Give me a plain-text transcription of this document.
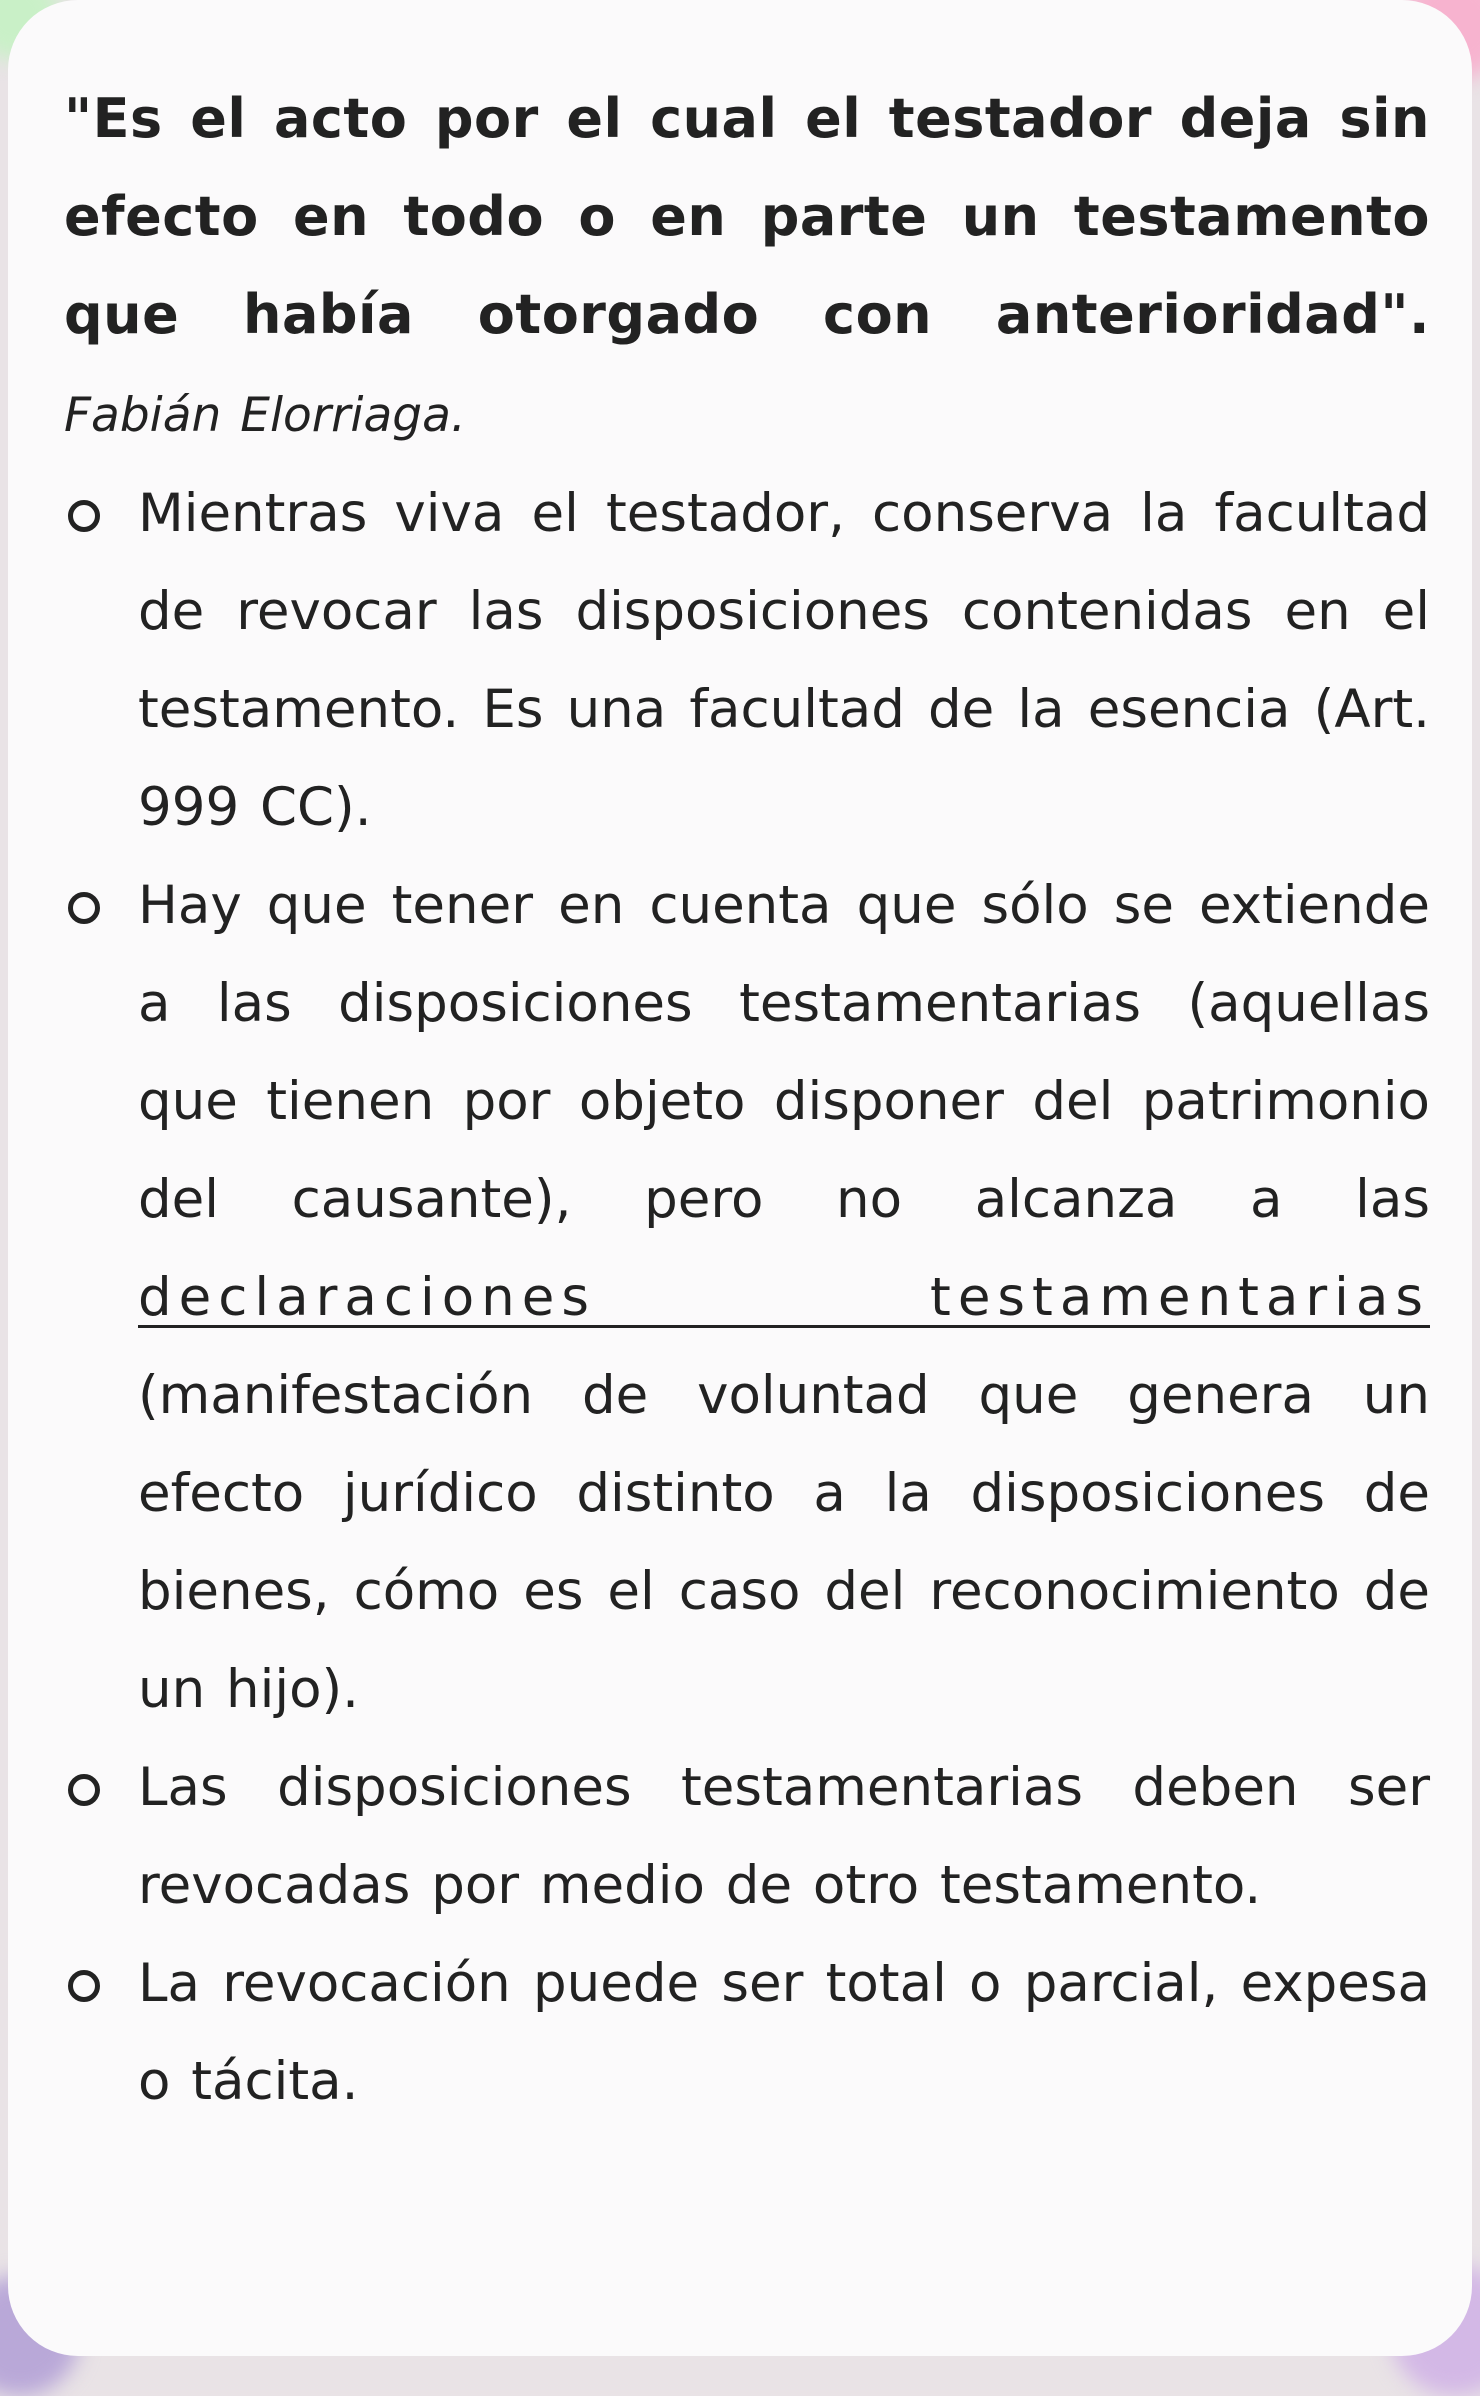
"Es el acto por el cual el testador deja sin efecto en todo o en parte un testamento que había otorgado con anterioridad". Fabián Elorriaga.

Mientras viva el testador, conserva la facultad de revocar las disposiciones contenidas en el testamento. Es una facultad de la esencia (Art. 999 CC).
Hay que tener en cuenta que sólo se extiende a las disposiciones testamentarias (aquellas que tienen por objeto disponer del patrimonio del causante), pero no alcanza a las declaraciones testamentarias (manifestación de voluntad que genera un efecto jurídico distinto a la disposiciones de bienes, cómo es el caso del reconocimiento de un hijo).
Las disposiciones testamentarias deben ser revocadas por medio de otro testamento.
La revocación puede ser total o parcial, expesa o tácita.
